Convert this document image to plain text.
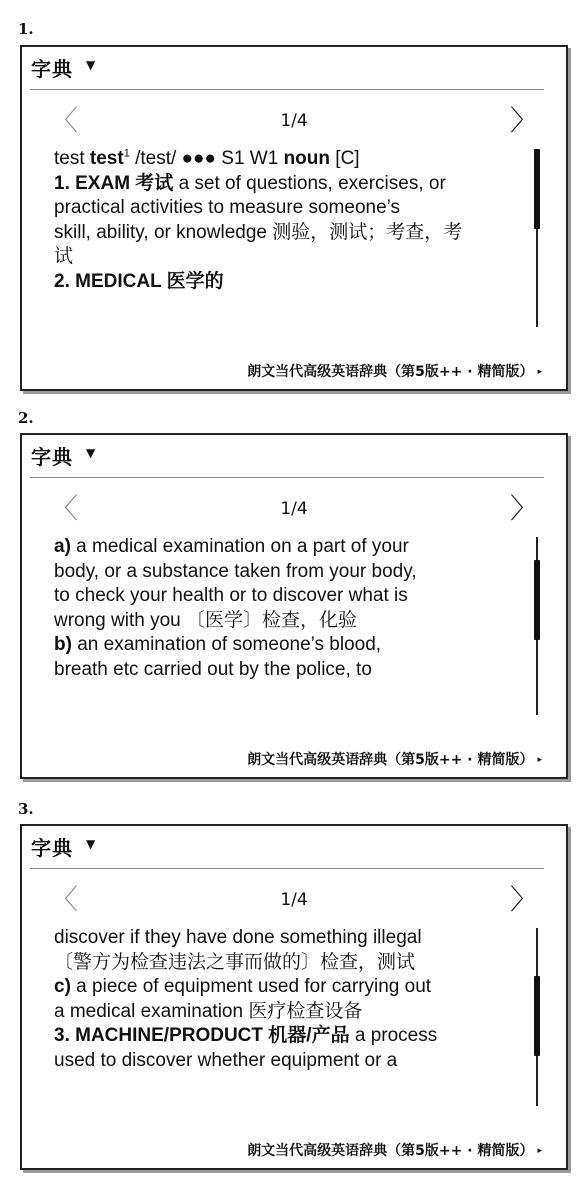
1.
字典 ▼
〈	1/4	〉
test test$^1$ /test/ ●●● S1 W1 noun [C]
1. EXAM 考试 a set of questions, exercises, or
practical activities to measure someone’s
skill, ability, or knowledge 测验，测试；考查，考
试
2. MEDICAL 医学的
朗文当代高级英语辞典（第5版++ · 精简版） ▸
2.
字典 ▼
〈	1/4	〉
a) a medical examination on a part of your
body, or a substance taken from your body,
to check your health or to discover what is
wrong with you 〔医学〕检查，化验
b) an examination of someone’s blood,
breath etc carried out by the police, to
朗文当代高级英语辞典（第5版++ · 精简版） ▸
3.
字典 ▼
〈	1/4	〉
discover if they have done something illegal
〔警方为检查违法之事而做的〕检查，测试
c) a piece of equipment used for carrying out
a medical examination 医疗检查设备
3. MACHINE/PRODUCT 机器/产品 a process
used to discover whether equipment or a
朗文当代高级英语辞典（第5版++ · 精简版） ▸
